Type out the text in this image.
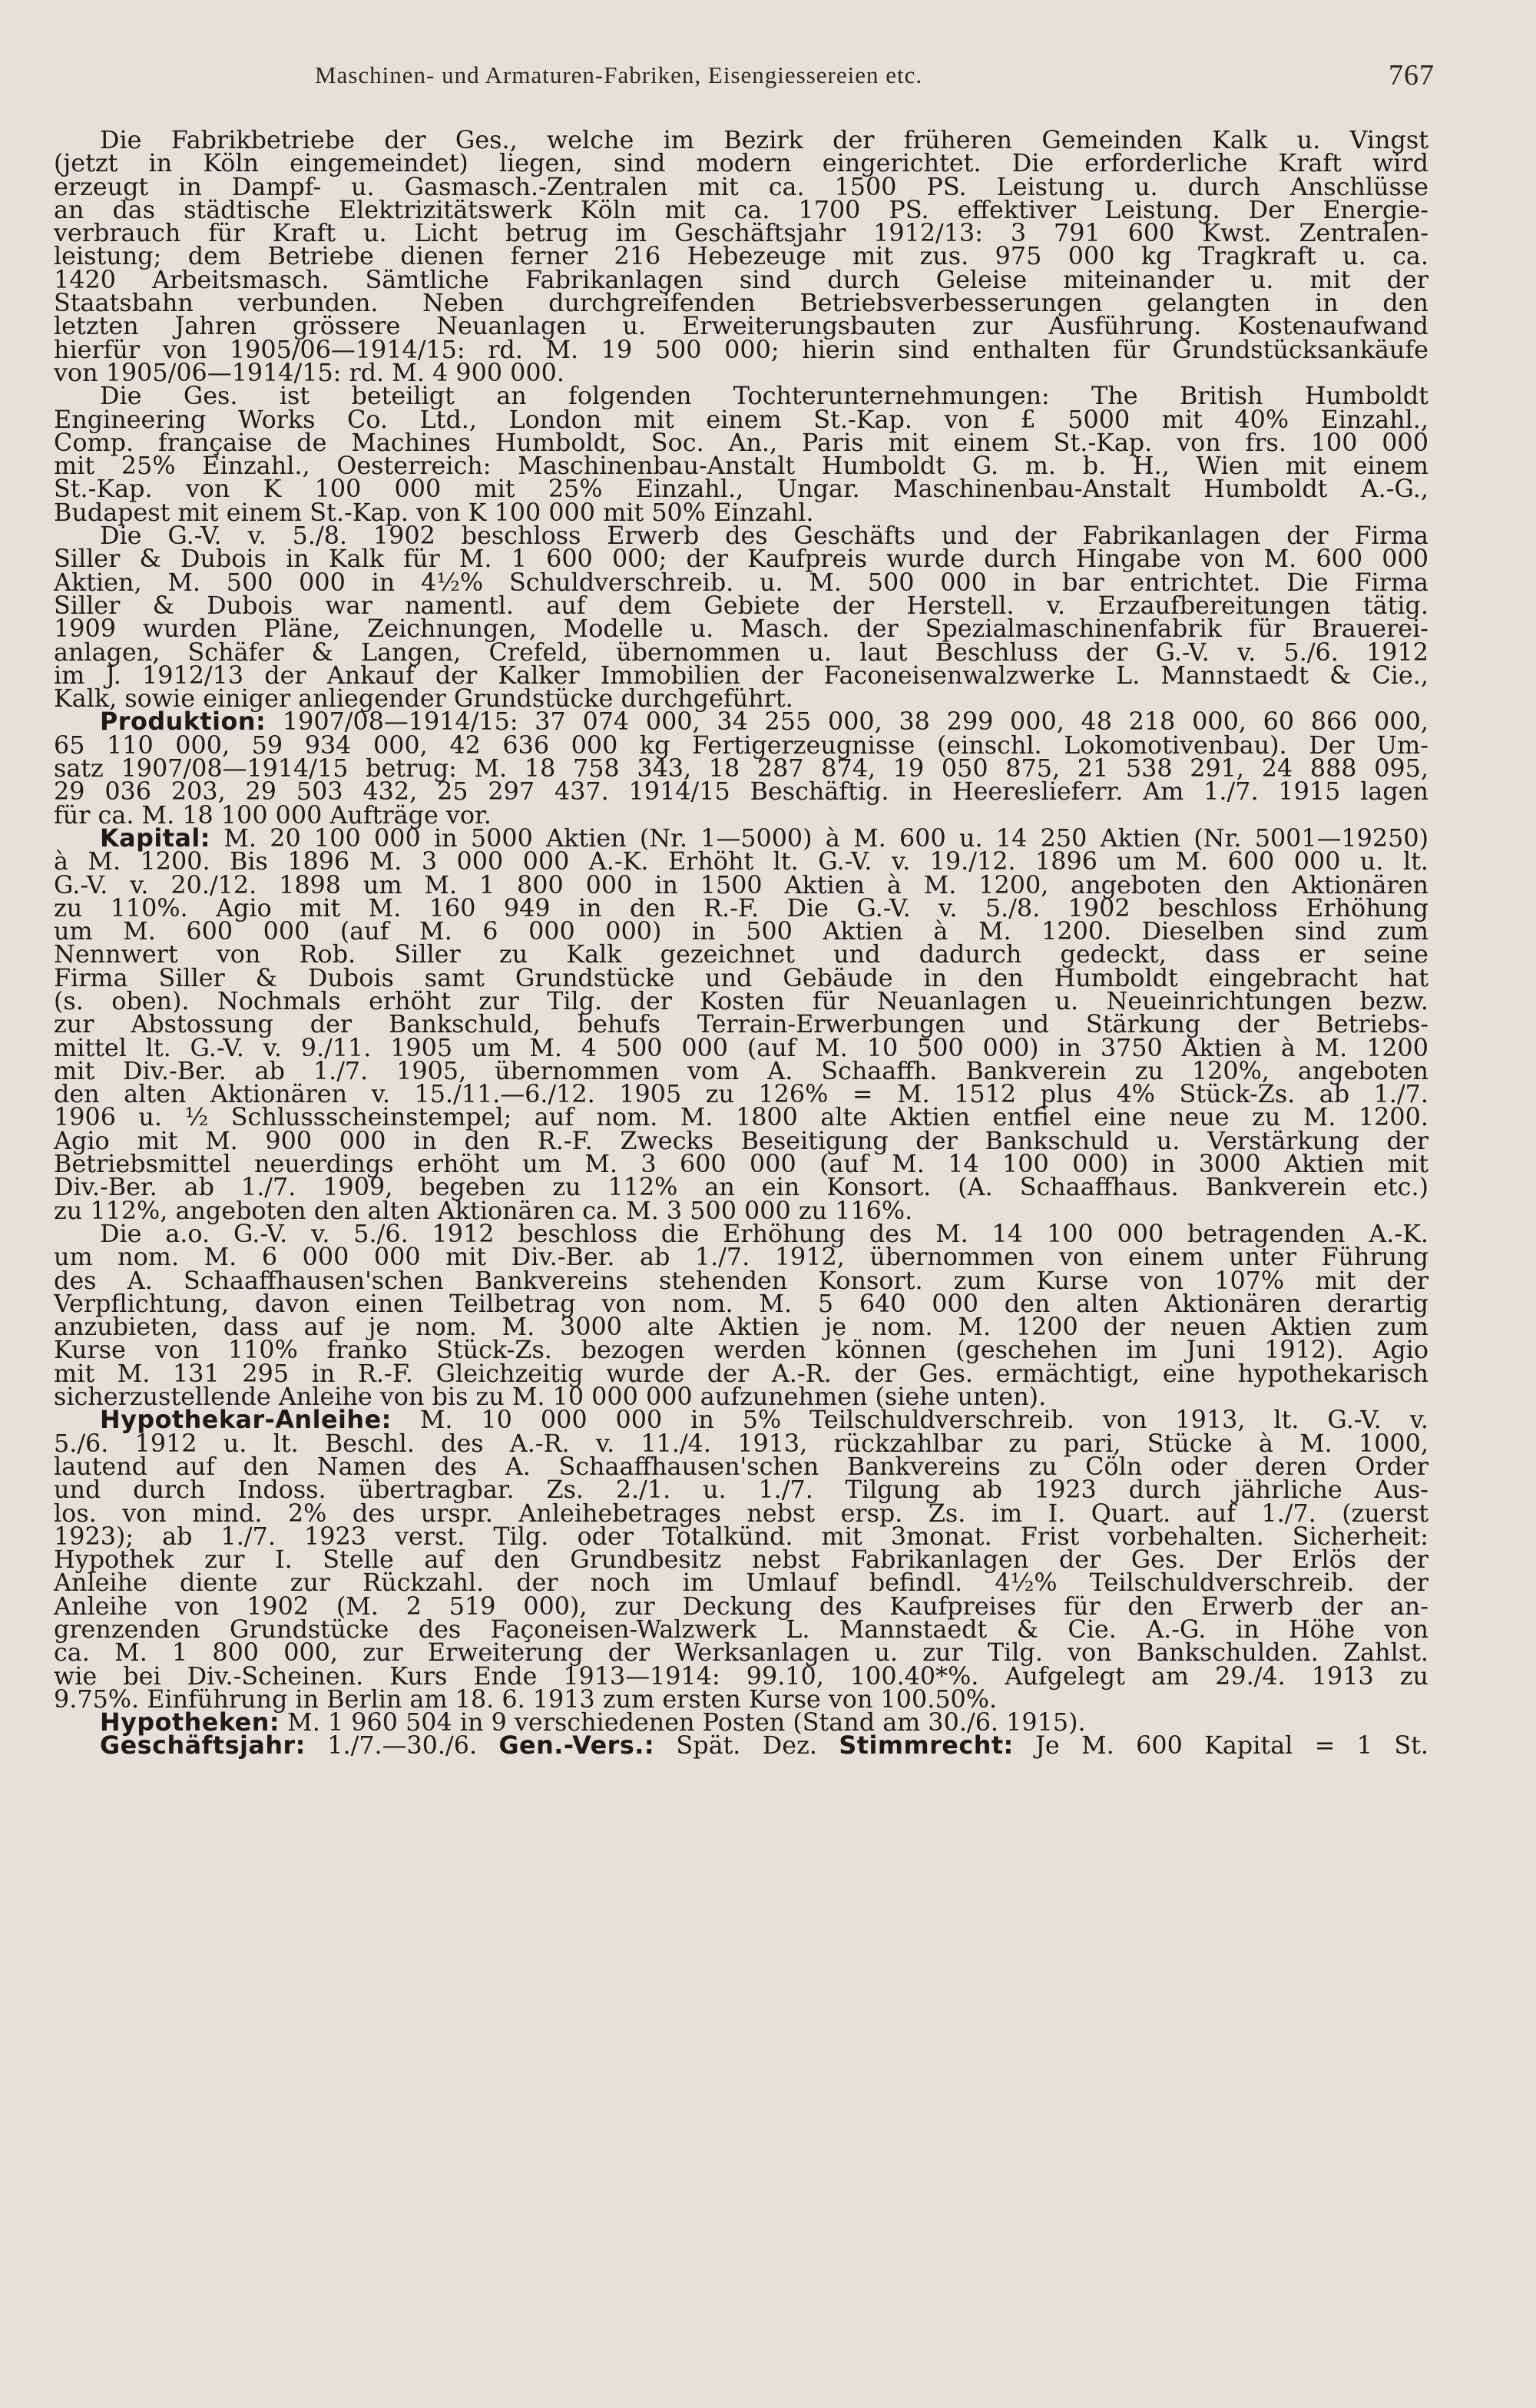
Maschinen- und Armaturen-Fabriken, Eisengiessereien etc.	767
Die Fabrikbetriebe der Ges., welche im Bezirk der früheren Gemeinden Kalk u. Vingst
(jetzt in Köln eingemeindet) liegen, sind modern eingerichtet. Die erforderliche Kraft wird
erzeugt in Dampf- u. Gasmasch.-Zentralen mit ca. 1500 PS. Leistung u. durch Anschlüsse
an das städtische Elektrizitätswerk Köln mit ca. 1700 PS. effektiver Leistung. Der Energie-
verbrauch für Kraft u. Licht betrug im Geschäftsjahr 1912/13: 3 791 600 Kwst. Zentralen-
leistung; dem Betriebe dienen ferner 216 Hebezeuge mit zus. 975 000 kg Tragkraft u. ca.
1420 Arbeitsmasch. Sämtliche Fabrikanlagen sind durch Geleise miteinander u. mit der
Staatsbahn verbunden. Neben durchgreifenden Betriebsverbesserungen gelangten in den
letzten Jahren grössere Neuanlagen u. Erweiterungsbauten zur Ausführung. Kostenaufwand
hierfür von 1905/06—1914/15: rd. M. 19 500 000; hierin sind enthalten für Grundstücksankäufe
von 1905/06—1914/15: rd. M. 4 900 000.
Die Ges. ist beteiligt an folgenden Tochterunternehmungen: The British Humboldt
Engineering Works Co. Ltd., London mit einem St.-Kap. von £ 5000 mit 40% Einzahl.,
Comp. française de Machines Humboldt, Soc. An., Paris mit einem St.-Kap. von frs. 100 000
mit 25% Einzahl., Oesterreich: Maschinenbau-Anstalt Humboldt G. m. b. H., Wien mit einem
St.-Kap. von K 100 000 mit 25% Einzahl., Ungar. Maschinenbau-Anstalt Humboldt A.-G.,
Budapest mit einem St.-Kap. von K 100 000 mit 50% Einzahl.
Die G.-V. v. 5./8. 1902 beschloss Erwerb des Geschäfts und der Fabrikanlagen der Firma
Siller & Dubois in Kalk für M. 1 600 000; der Kaufpreis wurde durch Hingabe von M. 600 000
Aktien, M. 500 000 in 4½% Schuldverschreib. u. M. 500 000 in bar entrichtet. Die Firma
Siller & Dubois war namentl. auf dem Gebiete der Herstell. v. Erzaufbereitungen tätig.
1909 wurden Pläne, Zeichnungen, Modelle u. Masch. der Spezialmaschinenfabrik für Brauerei-
anlagen, Schäfer & Langen, Crefeld, übernommen u. laut Beschluss der G.-V. v. 5./6. 1912
im J. 1912/13 der Ankauf der Kalker Immobilien der Faconeisenwalzwerke L. Mannstaedt & Cie.,
Kalk, sowie einiger anliegender Grundstücke durchgeführt.
Produktion: 1907/08—1914/15: 37 074 000, 34 255 000, 38 299 000, 48 218 000, 60 866 000,
65 110 000, 59 934 000, 42 636 000 kg Fertigerzeugnisse (einschl. Lokomotivenbau). Der Um-
satz 1907/08—1914/15 betrug: M. 18 758 343, 18 287 874, 19 050 875, 21 538 291, 24 888 095,
29 036 203, 29 503 432, 25 297 437. 1914/15 Beschäftig. in Heereslieferr. Am 1./7. 1915 lagen
für ca. M. 18 100 000 Aufträge vor.
Kapital: M. 20 100 000 in 5000 Aktien (Nr. 1—5000) à M. 600 u. 14 250 Aktien (Nr. 5001—19250)
à M. 1200. Bis 1896 M. 3 000 000 A.-K. Erhöht lt. G.-V. v. 19./12. 1896 um M. 600 000 u. lt.
G.-V. v. 20./12. 1898 um M. 1 800 000 in 1500 Aktien à M. 1200, angeboten den Aktionären
zu 110%. Agio mit M. 160 949 in den R.-F. Die G.-V. v. 5./8. 1902 beschloss Erhöhung
um M. 600 000 (auf M. 6 000 000) in 500 Aktien à M. 1200. Dieselben sind zum
Nennwert von Rob. Siller zu Kalk gezeichnet und dadurch gedeckt, dass er seine
Firma Siller & Dubois samt Grundstücke und Gebäude in den Humboldt eingebracht hat
(s. oben). Nochmals erhöht zur Tilg. der Kosten für Neuanlagen u. Neueinrichtungen bezw.
zur Abstossung der Bankschuld, behufs Terrain-Erwerbungen und Stärkung der Betriebs-
mittel lt. G.-V. v. 9./11. 1905 um M. 4 500 000 (auf M. 10 500 000) in 3750 Aktien à M. 1200
mit Div.-Ber. ab 1./7. 1905, übernommen vom A. Schaaffh. Bankverein zu 120%, angeboten
den alten Aktionären v. 15./11.—6./12. 1905 zu 126% = M. 1512 plus 4% Stück-Zs. ab 1./7.
1906 u. ½ Schlussscheinstempel; auf nom. M. 1800 alte Aktien entfiel eine neue zu M. 1200.
Agio mit M. 900 000 in den R.-F. Zwecks Beseitigung der Bankschuld u. Verstärkung der
Betriebsmittel neuerdings erhöht um M. 3 600 000 (auf M. 14 100 000) in 3000 Aktien mit
Div.-Ber. ab 1./7. 1909, begeben zu 112% an ein Konsort. (A. Schaaffhaus. Bankverein etc.)
zu 112%, angeboten den alten Aktionären ca. M. 3 500 000 zu 116%.
Die a.o. G.-V. v. 5./6. 1912 beschloss die Erhöhung des M. 14 100 000 betragenden A.-K.
um nom. M. 6 000 000 mit Div.-Ber. ab 1./7. 1912, übernommen von einem unter Führung
des A. Schaaffhausen'schen Bankvereins stehenden Konsort. zum Kurse von 107% mit der
Verpflichtung, davon einen Teilbetrag von nom. M. 5 640 000 den alten Aktionären derartig
anzubieten, dass auf je nom. M. 3000 alte Aktien je nom. M. 1200 der neuen Aktien zum
Kurse von 110% franko Stück-Zs. bezogen werden können (geschehen im Juni 1912). Agio
mit M. 131 295 in R.-F. Gleichzeitig wurde der A.-R. der Ges. ermächtigt, eine hypothekarisch
sicherzustellende Anleihe von bis zu M. 10 000 000 aufzunehmen (siehe unten).
Hypothekar-Anleihe: M. 10 000 000 in 5% Teilschuldverschreib. von 1913, lt. G.-V. v.
5./6. 1912 u. lt. Beschl. des A.-R. v. 11./4. 1913, rückzahlbar zu pari, Stücke à M. 1000,
lautend auf den Namen des A. Schaaffhausen'schen Bankvereins zu Cöln oder deren Order
und durch Indoss. übertragbar. Zs. 2./1. u. 1./7. Tilgung ab 1923 durch jährliche Aus-
los. von mind. 2% des urspr. Anleihebetrages nebst ersp. Zs. im I. Quart. auf 1./7. (zuerst
1923); ab 1./7. 1923 verst. Tilg. oder Totalkünd. mit 3monat. Frist vorbehalten. Sicherheit:
Hypothek zur I. Stelle auf den Grundbesitz nebst Fabrikanlagen der Ges. Der Erlös der
Anleihe diente zur Rückzahl. der noch im Umlauf befindl. 4½% Teilschuldverschreib. der
Anleihe von 1902 (M. 2 519 000), zur Deckung des Kaufpreises für den Erwerb der an-
grenzenden Grundstücke des Façoneisen-Walzwerk L. Mannstaedt & Cie. A.-G. in Höhe von
ca. M. 1 800 000, zur Erweiterung der Werksanlagen u. zur Tilg. von Bankschulden. Zahlst.
wie bei Div.-Scheinen. Kurs Ende 1913—1914: 99.10, 100.40*%. Aufgelegt am 29./4. 1913 zu
9.75%. Einführung in Berlin am 18. 6. 1913 zum ersten Kurse von 100.50%.
Hypotheken: M. 1 960 504 in 9 verschiedenen Posten (Stand am 30./6. 1915).
Geschäftsjahr: 1./7.—30./6. Gen.-Vers.: Spät. Dez. Stimmrecht: Je M. 600 Kapital = 1 St.
